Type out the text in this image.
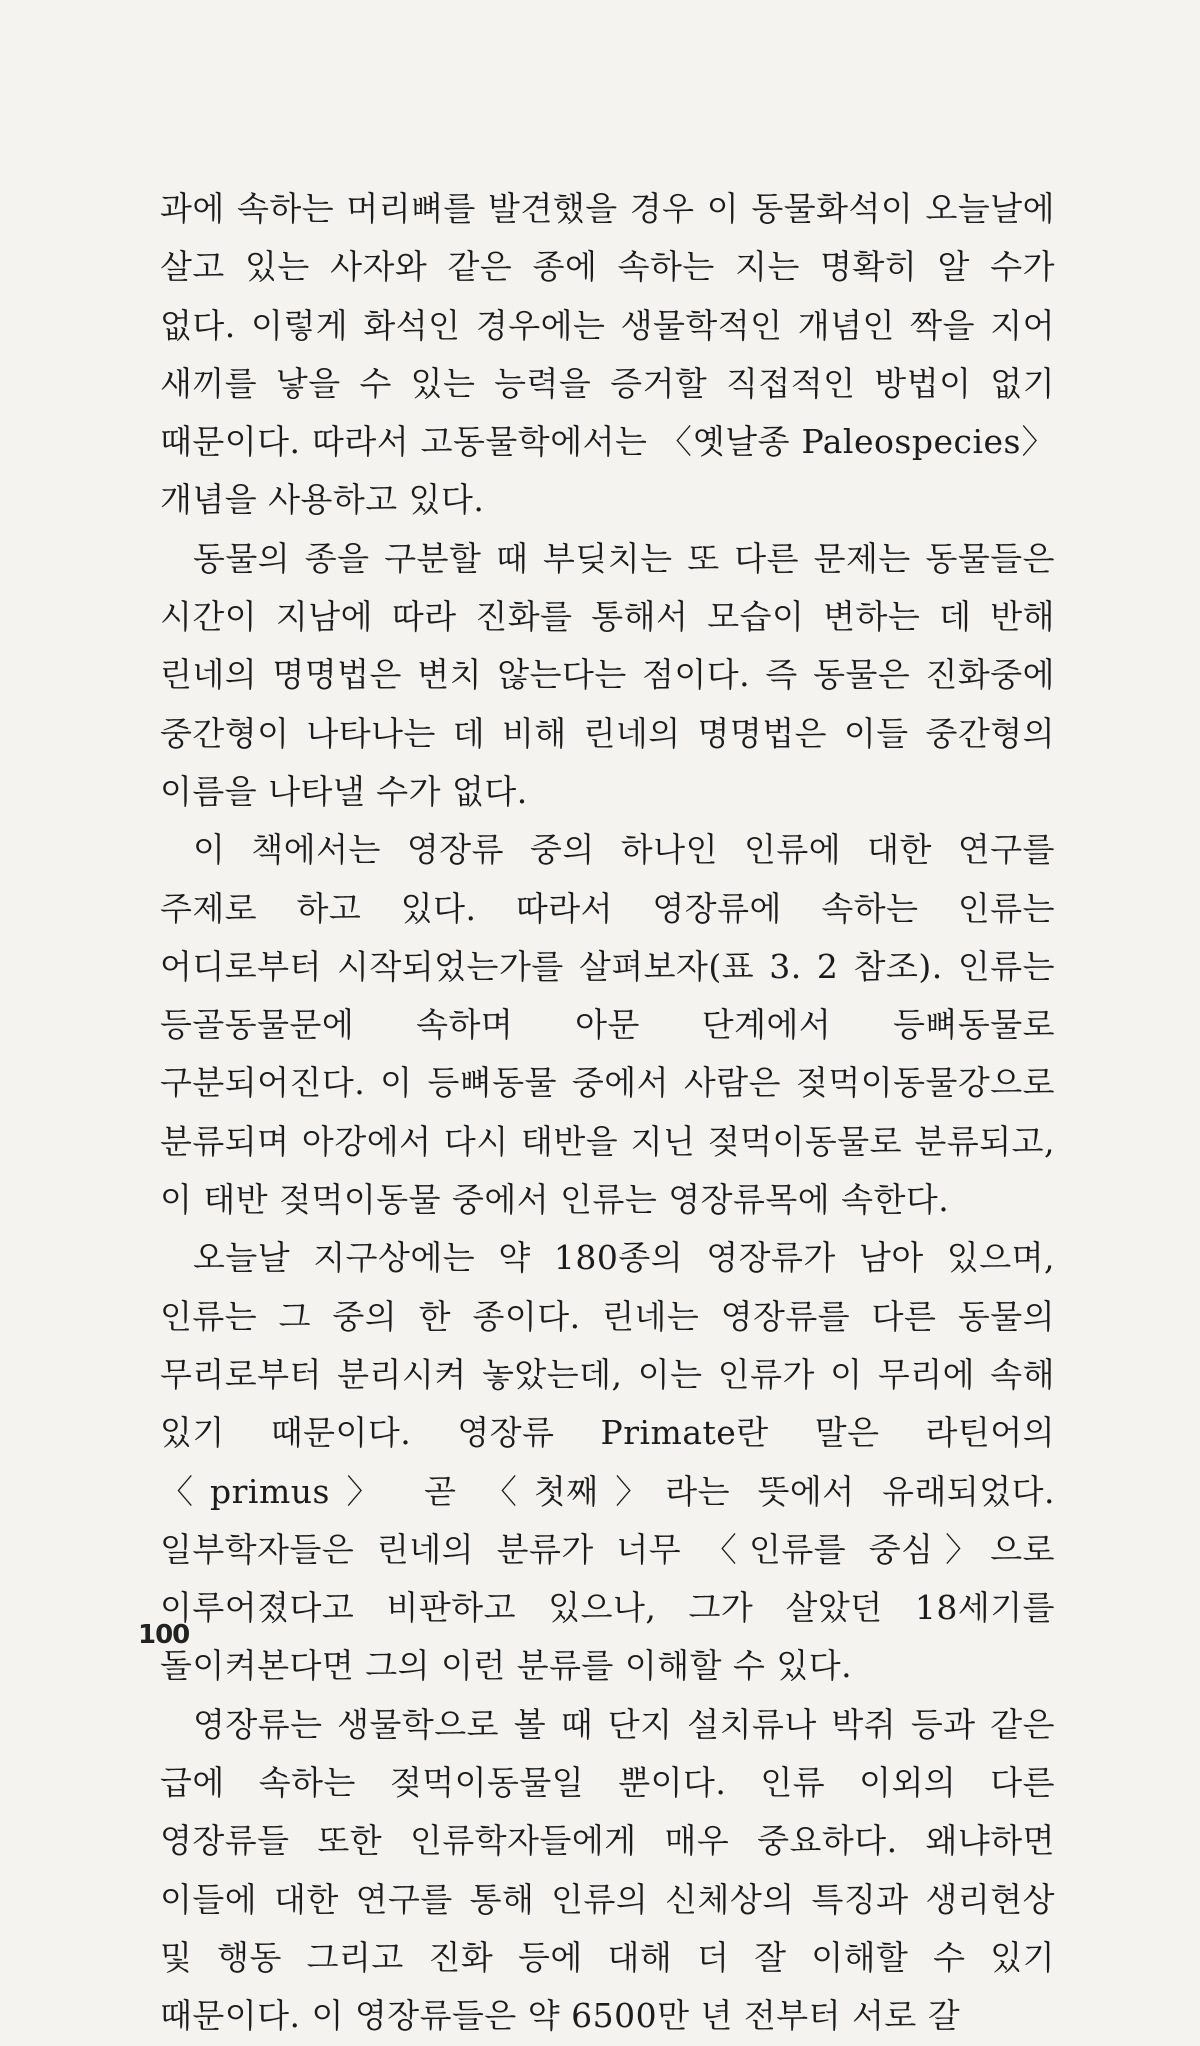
과에 속하는 머리뼈를 발견했을 경우 이 동물화석이 오늘날에 살고 있는 사자와 같은 종에 속하는 지는 명확히 알 수가 없다. 이렇게 화석인 경우에는 생물학적인 개념인 짝을 지어 새끼를 낳을 수 있는 능력을 증거할 직접적인 방법이 없기 때문이다. 따라서 고동물학에서는 〈옛날종 Paleospecies〉 개념을 사용하고 있다.

동물의 종을 구분할 때 부딪치는 또 다른 문제는 동물들은 시간이 지남에 따라 진화를 통해서 모습이 변하는 데 반해 린네의 명명법은 변치 않는다는 점이다. 즉 동물은 진화중에 중간형이 나타나는 데 비해 린네의 명명법은 이들 중간형의 이름을 나타낼 수가 없다.

이 책에서는 영장류 중의 하나인 인류에 대한 연구를 주제로 하고 있다. 따라서 영장류에 속하는 인류는 어디로부터 시작되었는가를 살펴보자(표 3. 2 참조). 인류는 등골동물문에 속하며 아문 단계에서 등뼈동물로 구분되어진다. 이 등뼈동물 중에서 사람은 젖먹이동물강으로 분류되며 아강에서 다시 태반을 지닌 젖먹이동물로 분류되고, 이 태반 젖먹이동물 중에서 인류는 영장류목에 속한다.

오늘날 지구상에는 약 180종의 영장류가 남아 있으며, 인류는 그 중의 한 종이다. 린네는 영장류를 다른 동물의 무리로부터 분리시켜 놓았는데, 이는 인류가 이 무리에 속해 있기 때문이다. 영장류 Primate란 말은 라틴어의 〈primus〉 곧 〈첫째〉라는 뜻에서 유래되었다. 일부학자들은 린네의 분류가 너무 〈인류를 중심〉으로 이루어졌다고 비판하고 있으나, 그가 살았던 18세기를 돌이켜본다면 그의 이런 분류를 이해할 수 있다.

영장류는 생물학으로 볼 때 단지 설치류나 박쥐 등과 같은 급에 속하는 젖먹이동물일 뿐이다. 인류 이외의 다른 영장류들 또한 인류학자들에게 매우 중요하다. 왜냐하면 이들에 대한 연구를 통해 인류의 신체상의 특징과 생리현상 및 행동 그리고 진화 등에 대해 더 잘 이해할 수 있기 때문이다. 이 영장류들은 약 6500만 년 전부터 서로 갈

100
